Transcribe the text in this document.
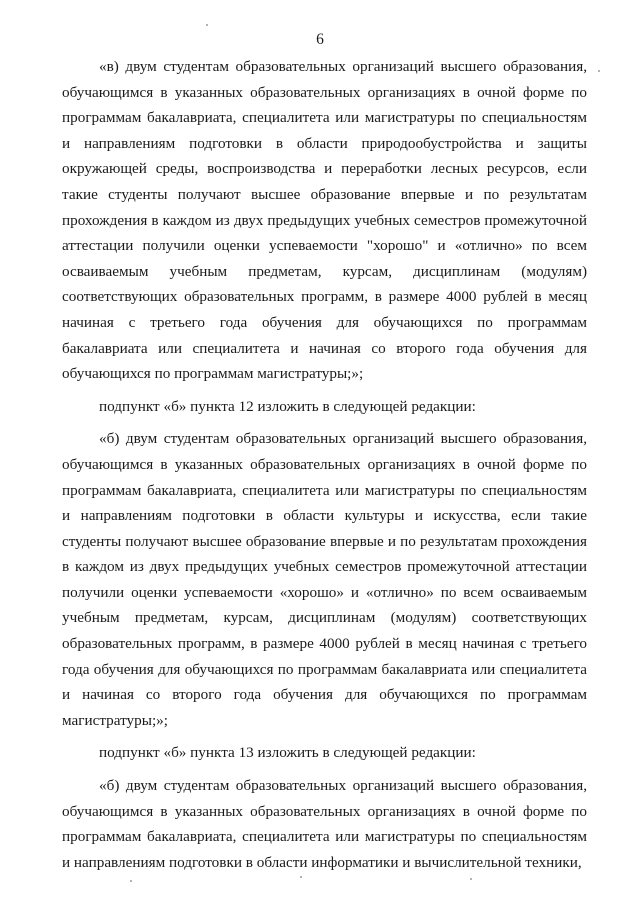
6

«в) двум студентам образовательных организаций высшего образования, обучающимся в указанных образовательных организациях в очной форме по программам бакалавриата, специалитета или магистратуры по специальностям и направлениям подготовки в области природообустройства и защиты окружающей среды, воспроизводства и переработки лесных ресурсов, если такие студенты получают высшее образование впервые и по результатам прохождения в каждом из двух предыдущих учебных семестров промежуточной аттестации получили оценки успеваемости "хорошо" и «отлично» по всем осваиваемым учебным предметам, курсам, дисциплинам (модулям) соответствующих образовательных программ, в размере 4000 рублей в месяц начиная с третьего года обучения для обучающихся по программам бакалавриата или специалитета и начиная со второго года обучения для обучающихся по программам магистратуры;»;

подпункт «б» пункта 12 изложить в следующей редакции:

«б) двум студентам образовательных организаций высшего образования, обучающимся в указанных образовательных организациях в очной форме по программам бакалавриата, специалитета или магистратуры по специальностям и направлениям подготовки в области культуры и искусства, если такие студенты получают высшее образование впервые и по результатам прохождения в каждом из двух предыдущих учебных семестров промежуточной аттестации получили оценки успеваемости «хорошо» и «отлично» по всем осваиваемым учебным предметам, курсам, дисциплинам (модулям) соответствующих образовательных программ, в размере 4000 рублей в месяц начиная с третьего года обучения для обучающихся по программам бакалавриата или специалитета и начиная со второго года обучения для обучающихся по программам магистратуры;»;

подпункт «б» пункта 13 изложить в следующей редакции:

«б) двум студентам образовательных организаций высшего образования, обучающимся в указанных образовательных организациях в очной форме по программам бакалавриата, специалитета или магистратуры по специальностям и направлениям подготовки в области информатики и вычислительной техники,
